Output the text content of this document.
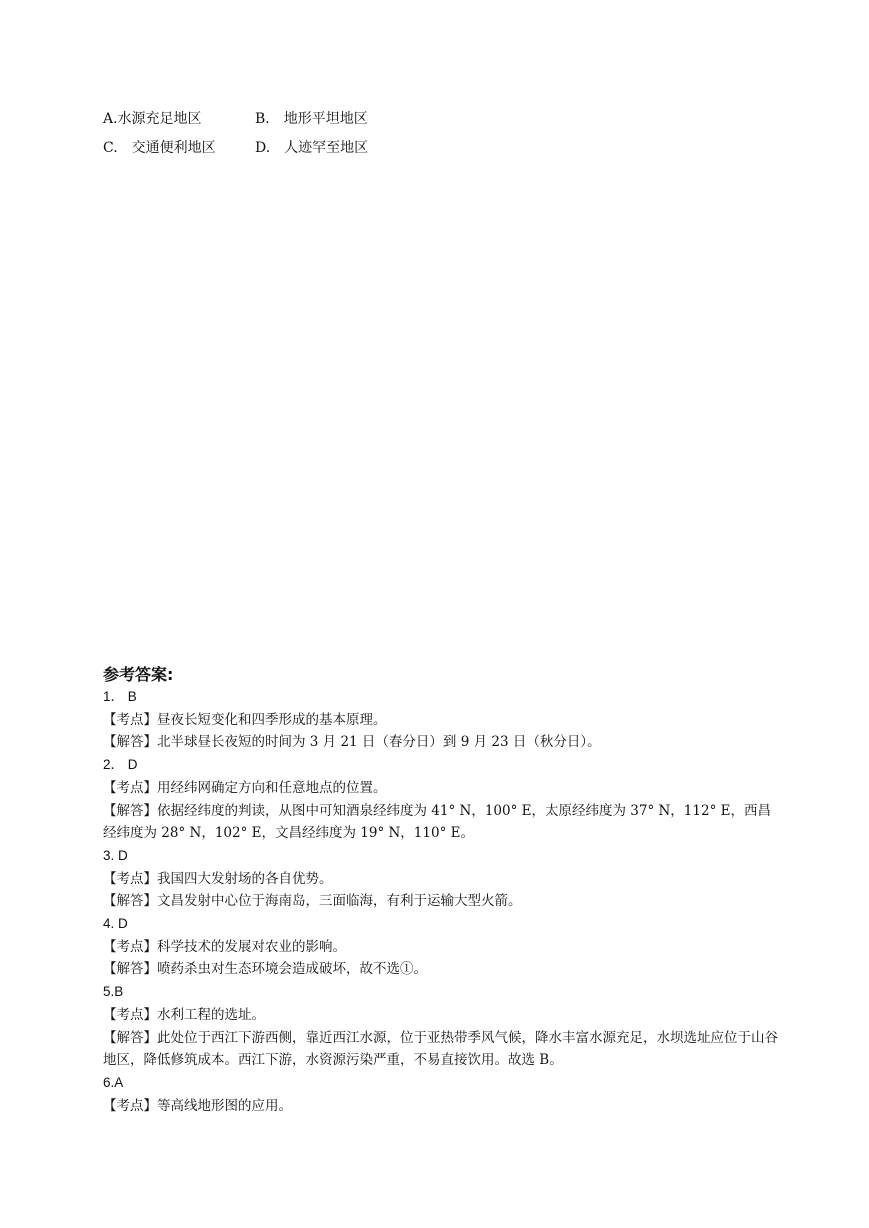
A.水源充足地区	B.　地形平坦地区
C.　交通便利地区	D.　人迹罕至地区
参考答案:
1． B
【考点】昼夜长短变化和四季形成的基本原理。
【解答】北半球昼长夜短的时间为 3 月 21 日（春分日）到 9 月 23 日（秋分日）。
2． D
【考点】用经纬网确定方向和任意地点的位置。
【解答】依据经纬度的判读，从图中可知酒泉经纬度为 41° N，100° E，太原经纬度为 37° N，112° E，西昌经纬度为 28° N，102° E，文昌经纬度为 19° N，110° E。
3. D
【考点】我国四大发射场的各自优势。
【解答】文昌发射中心位于海南岛，三面临海，有利于运输大型火箭。
4. D
【考点】科学技术的发展对农业的影响。
【解答】喷药杀虫对生态环境会造成破坏，故不选①。
5.B
【考点】水利工程的选址。
【解答】此处位于西江下游西侧，靠近西江水源，位于亚热带季风气候，降水丰富水源充足，水坝选址应位于山谷地区，降低修筑成本。西江下游，水资源污染严重，不易直接饮用。故选 B。
6.A
【考点】等高线地形图的应用。
